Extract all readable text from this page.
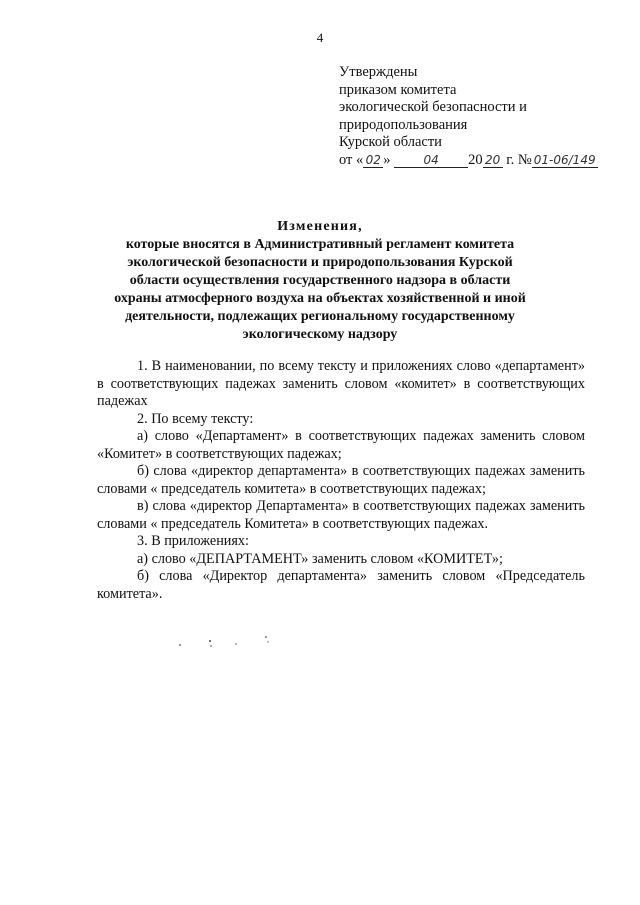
4
Утверждены
приказом комитета
экологической безопасности и
природопользования
Курской области
от « 02 »	04 20 20 г. № 01-06/149
Изменения,
которые вносятся в Административный регламент комитета
экологической безопасности и природопользования Курской
области осуществления государственного надзора в области
охраны атмосферного воздуха на объектах хозяйственной и иной
деятельности, подлежащих региональному государственному
экологическому надзору

1. В наименовании, по всему тексту и приложениях слово «департамент» в соответствующих падежах заменить словом «комитет» в соответствующих падежах

2. По всему тексту:

а) слово «Департамент» в соответствующих падежах заменить словом «Комитет» в соответствующих падежах;

б) слова «директор департамента» в соответствующих падежах заменить словами « председатель комитета» в соответствующих падежах;

в) слова «директор Департамента» в соответствующих падежах заменить словами « председатель Комитета» в соответствующих падежах.

3. В приложениях:

а) слово «ДЕПАРТАМЕНТ» заменить словом «КОМИТЕТ»;

б) слова «Директор департамента» заменить словом «Председатель комитета».
